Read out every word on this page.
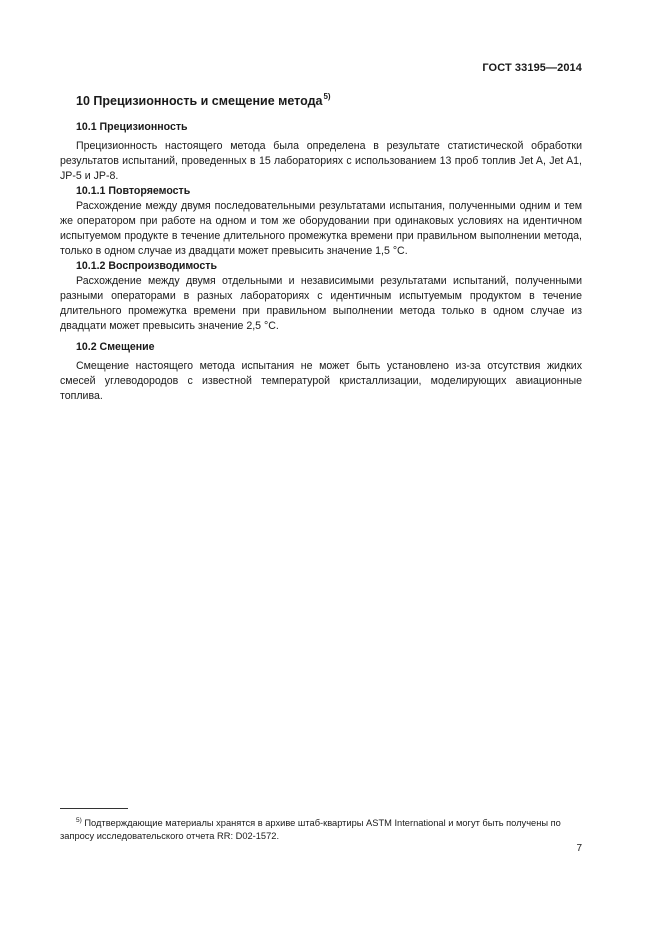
ГОСТ 33195—2014
10 Прецизионность и смещение метода$^{5)}$
10.1 Прецизионность

Прецизионность настоящего метода была определена в результате статистической обработки результатов испытаний, проведенных в 15 лабораториях с использованием 13 проб топлив Jet A, Jet A1, JP-5 и JP-8.

10.1.1 Повторяемость

Расхождение между двумя последовательными результатами испытания, полученными одним и тем же оператором при работе на одном и том же оборудовании при одинаковых условиях на идентичном испытуемом продукте в течение длительного промежутка времени при правильном выполнении метода, только в одном случае из двадцати может превысить значение 1,5 °С.

10.1.2 Воспроизводимость

Расхождение между двумя отдельными и независимыми результатами испытаний, полученными разными операторами в разных лабораториях с идентичным испытуемым продуктом в течение длительного промежутка времени при правильном выполнении метода только в одном случае из двадцати может превысить значение 2,5 °С.

10.2 Смещение

Смещение настоящего метода испытания не может быть установлено из-за отсутствия жидких смесей углеводородов с известной температурой кристаллизации, моделирующих авиационные топлива.

$^{5)}$ Подтверждающие материалы хранятся в архиве штаб-квартиры ASTM International и могут быть получены по запросу исследовательского отчета RR: D02-1572.

7
